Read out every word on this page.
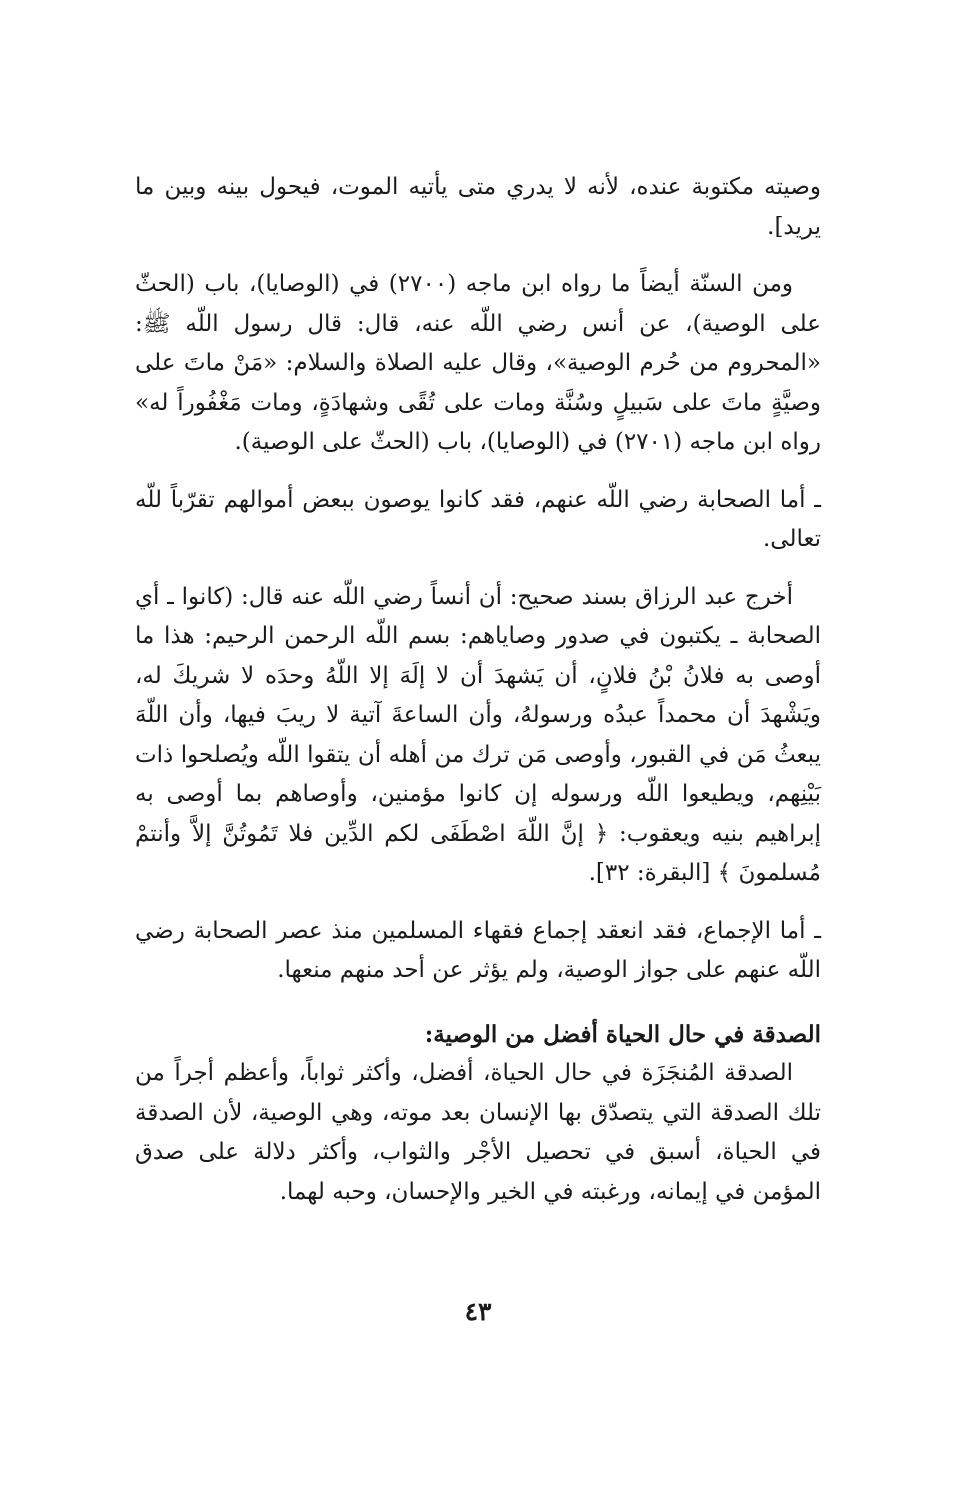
وصيته مكتوبة عنده، لأنه لا يدري متى يأتيه الموت، فيحول بينه وبين ما يريد].

ومن السنّة أيضاً ما رواه ابن ماجه (٢٧٠٠) في (الوصايا)، باب (الحثّ على الوصية)، عن أنس رضي اللّه عنه، قال: قال رسول اللّه ﷺ: «المحروم من حُرم الوصية»، وقال عليه الصلاة والسلام: «مَنْ ماتَ على وصيَّةٍ ماتَ على سَبيلٍ وسُنَّة ومات على تُقًى وشهادَةٍ، ومات مَغْفُوراً له» رواه ابن ماجه (٢٧٠١) في (الوصايا)، باب (الحثّ على الوصية).

ـ أما الصحابة رضي اللّه عنهم، فقد كانوا يوصون ببعض أموالهم تقرّباً للّه تعالى.

أخرج عبد الرزاق بسند صحيح: أن أنساً رضي اللّه عنه قال: (كانوا ـ أي الصحابة ـ يكتبون في صدور وصاياهم: بسم اللّه الرحمن الرحيم: هذا ما أوصى به فلانُ بْنُ فلانٍ، أن يَشهدَ أن لا إلَهَ إلا اللّهُ وحدَه لا شريكَ له، ويَشْهدَ أن محمداً عبدُه ورسولهُ، وأن الساعةَ آتية لا ريبَ فيها، وأن اللّهَ يبعثُ مَن في القبور، وأوصى مَن ترك من أهله أن يتقوا اللّه ويُصلحوا ذات بَيْنِهم، ويطيعوا اللّه ورسوله إن كانوا مؤمنين، وأوصاهم بما أوصى به إبراهيم بنيه ويعقوب: ﴿ إنَّ اللّهَ اصْطَفَى لكم الدِّين فلا تَمُوتُنَّ إلاَّ وأنتمْ مُسلمونَ ﴾ [البقرة: ٣٢].

ـ أما الإجماع، فقد انعقد إجماع فقهاء المسلمين منذ عصر الصحابة رضي اللّه عنهم على جواز الوصية، ولم يؤثر عن أحد منهم منعها.

الصدقة في حال الحياة أفضل من الوصية:

الصدقة المُنجَزَة في حال الحياة، أفضل، وأكثر ثواباً، وأعظم أجراً من تلك الصدقة التي يتصدّق بها الإنسان بعد موته، وهي الوصية، لأن الصدقة في الحياة، أسبق في تحصيل الأجْر والثواب، وأكثر دلالة على صدق المؤمن في إيمانه، ورغبته في الخير والإحسان، وحبه لهما.

٤٣
